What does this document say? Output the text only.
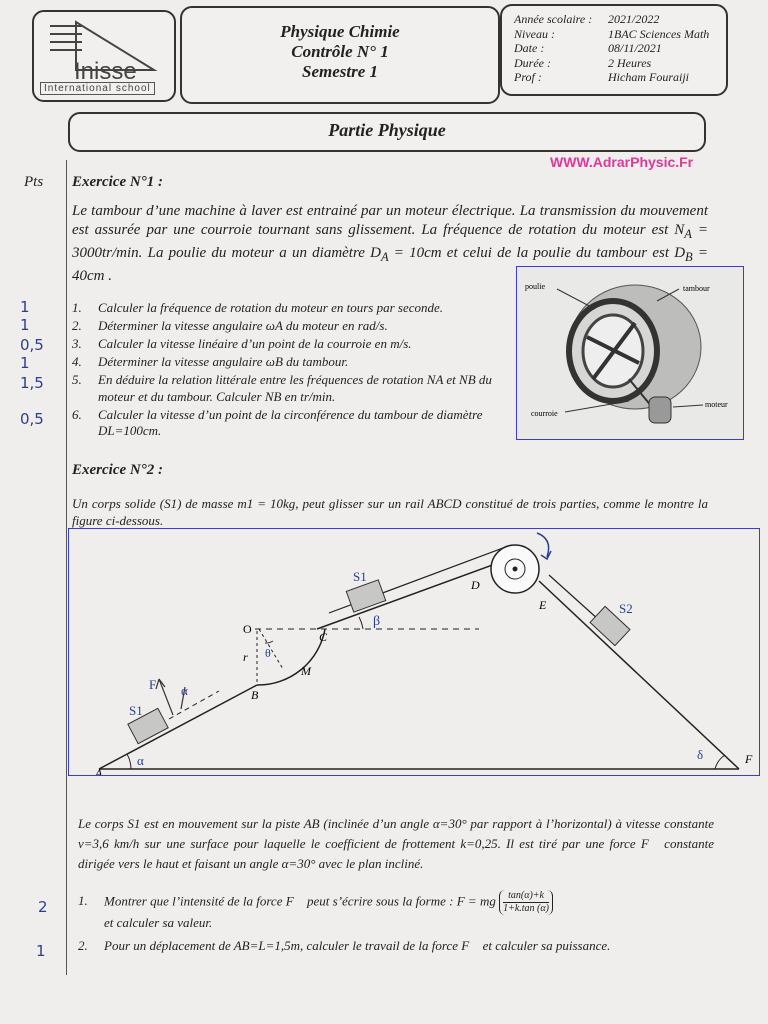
Inisse
International school
Physique Chimie
Contrôle N° 1
Semestre 1
Année scolaire :	2021/2022
Niveau :	1BAC Sciences Math
Date :	08/11/2021
Durée :	2 Heures
Prof :	Hicham Fouraiji
Partie Physique
WWW.AdrarPhysic.Fr
Pts Exercice N°1 :
Le tambour d’une machine à laver est entrainé par un moteur électrique. La transmission du mouvement est assurée par une courroie tournant sans glissement. La fréquence de rotation du moteur est $N_A = 3000tr/\min$. La poulie du moteur a un diamètre $D_A = 10cm$ et celui de la poulie du tambour est $D_B = 40cm$ .
1.	Calculer la fréquence de rotation du moteur en tours par seconde.
2.	Déterminer la vitesse angulaire ωA du moteur en rad/s.
3.	Calculer la vitesse linéaire d’un point de la courroie en m/s.
4.	Déterminer la vitesse angulaire ωB du tambour.
5.	En déduire la relation littérale entre les fréquences de rotation NA et NB du moteur et du tambour. Calculer NB en tr/min.
6.	Calculer la vitesse d’un point de la circonférence du tambour de diamètre DL=100cm.
1
1
0,5
1
1,5
0,5
poulie	tambour
courroie
moteur
Exercice N°2 :
Un corps solide (S1) de masse m1 = 10kg, peut glisser sur un rail ABCD constitué de trois parties, comme le montre la figure ci-dessous.
A
B
C
D
E
F
M
O
r
S1
S1
S2
θ
β
α
α
δ
F
Le corps S1 est en mouvement sur la piste AB (inclinée d’un angle α=30° par rapport à l’horizontal) à vitesse constante v=3,6 km/h sur une surface pour laquelle le coefficient de frottement k=0,25. Il est tiré par une force F⃗ constante dirigée vers le haut et faisant un angle α=30° avec le plan incliné.
1. Montrer que l’intensité de la force F⃗ peut s’écrire sous la forme : F = mg $\frac{\tan(\alpha)+k}{1+k.\tan (\alpha)}$
et calculer sa valeur.
2. Pour un déplacement de AB=L=1,5m, calculer le travail de la force F⃗ et calculer sa puissance.
2
1
